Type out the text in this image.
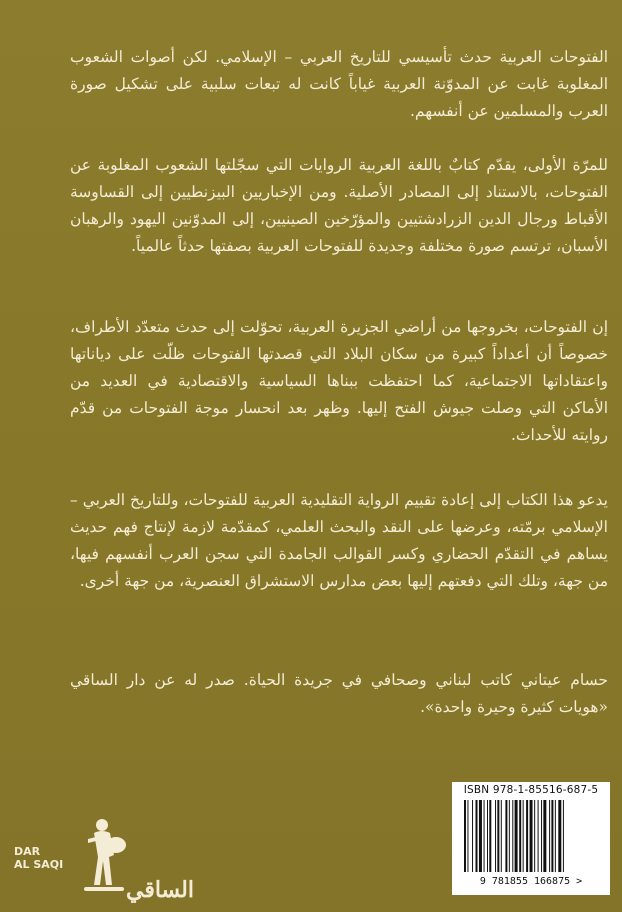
الفتوحات العربية حدث تأسيسي للتاريخ العربي – الإسلامي. لكن أصوات الشعوب المغلوبة غابت عن المدوّنة العربية غياباً كانت له تبعات سلبية على تشكيل صورة العرب والمسلمين عن أنفسهم.
للمرّة الأولى، يقدّم كتابٌ باللغة العربية الروايات التي سجّلتها الشعوب المغلوبة عن الفتوحات، بالاستناد إلى المصادر الأصلية. ومن الإخباريين البيزنطيين إلى القساوسة الأقباط ورجال الدين الزرادشتيين والمؤرّخين الصينيين، إلى المدوّنين اليهود والرهبان الأسبان، ترتسم صورة مختلفة وجديدة للفتوحات العربية بصفتها حدثاً عالمياً.
إن الفتوحات، بخروجها من أراضي الجزيرة العربية، تحوّلت إلى حدث متعدّد الأطراف، خصوصاً أن أعداداً كبيرة من سكان البلاد التي قصدتها الفتوحات ظلّت على دياناتها واعتقاداتها الاجتماعية، كما احتفظت ببناها السياسية والاقتصادية في العديد من الأماكن التي وصلت جيوش الفتح إليها. وظهر بعد انحسار موجة الفتوحات من قدّم روايته للأحداث.
يدعو هذا الكتاب إلى إعادة تقييم الرواية التقليدية العربية للفتوحات، وللتاريخ العربي – الإسلامي برمّته، وعرضها على النقد والبحث العلمي، كمقدّمة لازمة لإنتاج فهم حديث يساهم في التقدّم الحضاري وكسر القوالب الجامدة التي سجن العرب أنفسهم فيها، من جهة، وتلك التي دفعتهم إليها بعض مدارس الاستشراق العنصرية، من جهة أخرى.
حسام عيتاني كاتب لبناني وصحافي في جريدة الحياة. صدر له عن دار الساقي «هويات كثيرة وحيرة واحدة».
DAR
AL SAQI
الساقي
ISBN 978-1-85516-687-5
9 781855 166875 >
